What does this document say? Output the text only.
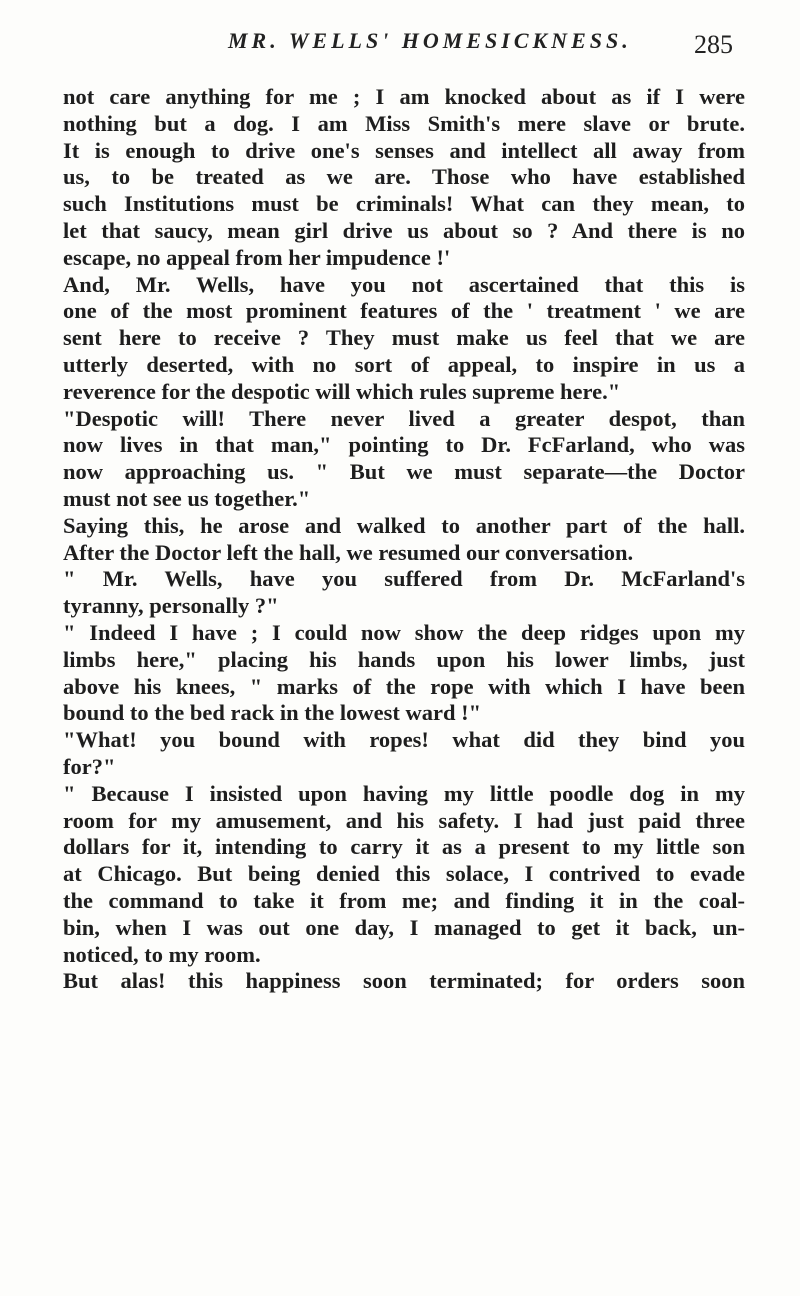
MR. WELLS' HOMESICKNESS. 285
not care anything for me ; I am knocked about as if I were
nothing but a dog. I am Miss Smith's mere slave or brute.
It is enough to drive one's senses and intellect all away from
us, to be treated as we are. Those who have established
such Institutions must be criminals! What can they mean, to
let that saucy, mean girl drive us about so ? And there is no
escape, no appeal from her impudence !'
And, Mr. Wells, have you not ascertained that this is
one of the most prominent features of the ' treatment ' we are
sent here to receive ? They must make us feel that we are
utterly deserted, with no sort of appeal, to inspire in us a
reverence for the despotic will which rules supreme here."
"Despotic will! There never lived a greater despot, than
now lives in that man," pointing to Dr. FcFarland, who was
now approaching us. " But we must separate—the Doctor
must not see us together."
Saying this, he arose and walked to another part of the hall.
After the Doctor left the hall, we resumed our conversation.
" Mr. Wells, have you suffered from Dr. McFarland's
tyranny, personally ?"
" Indeed I have ; I could now show the deep ridges upon my
limbs here," placing his hands upon his lower limbs, just
above his knees, " marks of the rope with which I have been
bound to the bed rack in the lowest ward !"
"What! you bound with ropes! what did they bind you
for?"
" Because I insisted upon having my little poodle dog in my
room for my amusement, and his safety. I had just paid three
dollars for it, intending to carry it as a present to my little son
at Chicago. But being denied this solace, I contrived to evade
the command to take it from me; and finding it in the coal-
bin, when I was out one day, I managed to get it back, un-
noticed, to my room.
But alas! this happiness soon terminated; for orders soon
